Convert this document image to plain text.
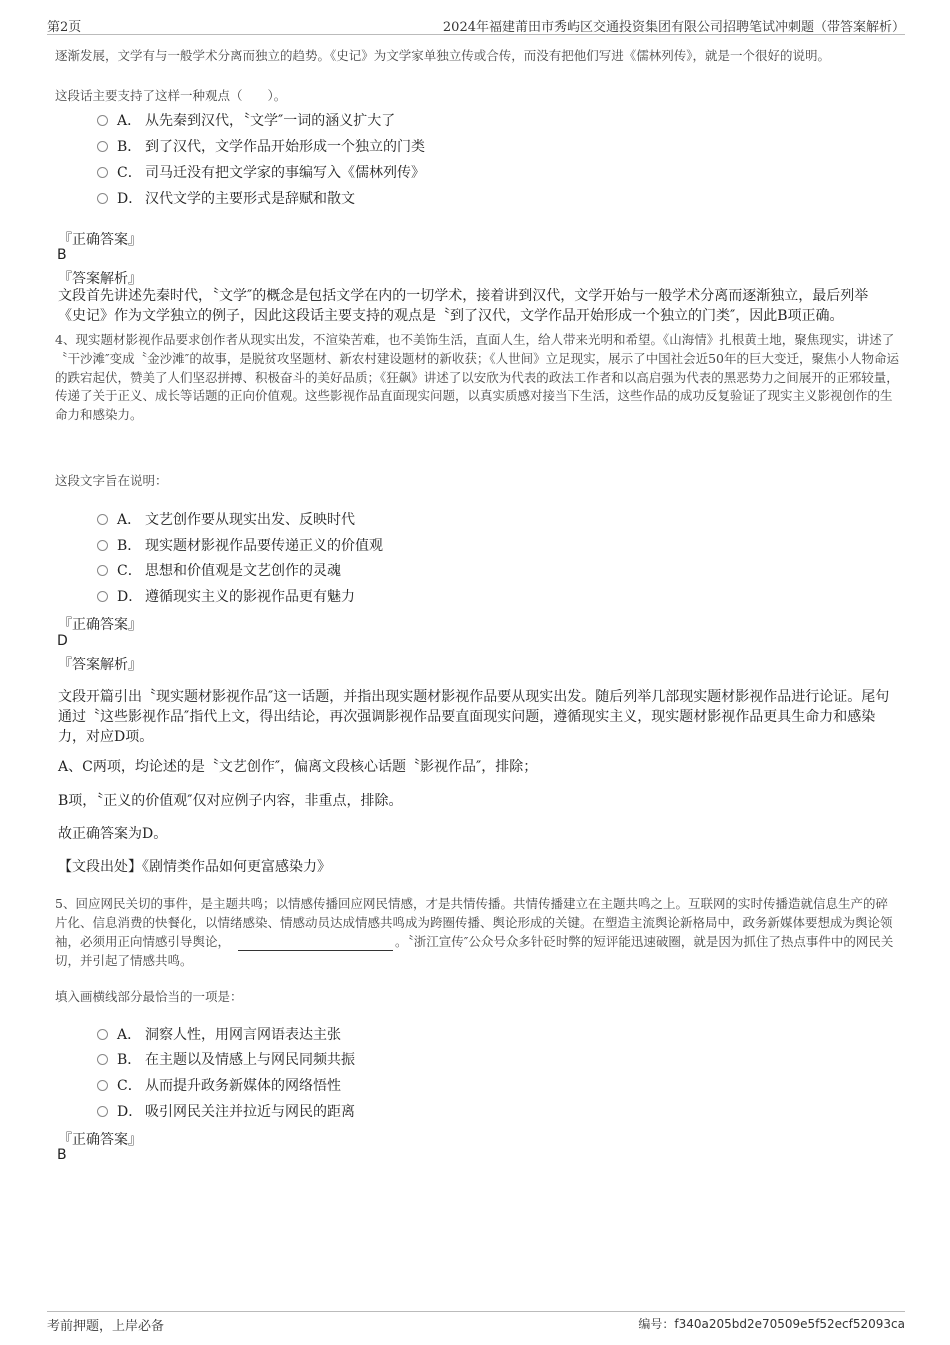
第2页	2024年福建莆田市秀屿区交通投资集团有限公司招聘笔试冲刺题（带答案解析）
逐渐发展，文学有与一般学术分离而独立的趋势。《史记》为文学家单独立传或合传，而没有把他们写进《儒林列传》，就是一个很好的说明。
这段话主要支持了这样一种观点（　　）。
A． 从先秦到汉代，〝文学″一词的涵义扩大了
B． 到了汉代，文学作品开始形成一个独立的门类
C． 司马迁没有把文学家的事编写入《儒林列传》
D． 汉代文学的主要形式是辞赋和散文
『正确答案』
B
『答案解析』
文段首先讲述先秦时代，〝文学″的概念是包括文学在内的一切学术，接着讲到汉代，文学开始与一般学术分离而逐渐独立，最后列举《史记》作为文学独立的例子，因此这段话主要支持的观点是〝到了汉代，文学作品开始形成一个独立的门类″，因此B项正确。
4、现实题材影视作品要求创作者从现实出发，不渲染苦难，也不美饰生活，直面人生，给人带来光明和希望。《山海情》扎根黄土地，聚焦现实，讲述了〝干沙滩″变成〝金沙滩″的故事，是脱贫攻坚题材、新农村建设题材的新收获；《人世间》立足现实，展示了中国社会近50年的巨大变迁，聚焦小人物命运的跌宕起伏，赞美了人们坚忍拼搏、积极奋斗的美好品质；《狂飙》讲述了以安欣为代表的政法工作者和以高启强为代表的黑恶势力之间展开的正邪较量，传递了关于正义、成长等话题的正向价值观。这些影视作品直面现实问题，以真实质感对接当下生活，这些作品的成功反复验证了现实主义影视创作的生命力和感染力。
这段文字旨在说明：
A． 文艺创作要从现实出发、反映时代
B． 现实题材影视作品要传递正义的价值观
C． 思想和价值观是文艺创作的灵魂
D． 遵循现实主义的影视作品更有魅力
『正确答案』
D
『答案解析』
文段开篇引出〝现实题材影视作品″这一话题，并指出现实题材影视作品要从现实出发。随后列举几部现实题材影视作品进行论证。尾句通过〝这些影视作品″指代上文，得出结论，再次强调影视作品要直面现实问题，遵循现实主义，现实题材影视作品更具生命力和感染力，对应D项。
A、C两项，均论述的是〝文艺创作″，偏离文段核心话题〝影视作品″，排除；
B项，〝正义的价值观″仅对应例子内容，非重点，排除。
故正确答案为D。
【文段出处】《剧情类作品如何更富感染力》
5、回应网民关切的事件，是主题共鸣；以情感传播回应网民情感，才是共情传播。共情传播建立在主题共鸣之上。互联网的实时传播造就信息生产的碎片化、信息消费的快餐化，以情绪感染、情感动员达成情感共鸣成为跨圈传播、舆论形成的关键。在塑造主流舆论新格局中，政务新媒体要想成为舆论领袖，必须用正向情感引导舆论，	。〝浙江宣传″公众号众多针砭时弊的短评能迅速破圈，就是因为抓住了热点事件中的网民关切，并引起了情感共鸣。
填入画横线部分最恰当的一项是：
A． 洞察人性，用网言网语表达主张
B． 在主题以及情感上与网民同频共振
C． 从而提升政务新媒体的网络悟性
D． 吸引网民关注并拉近与网民的距离
『正确答案』
B
考前押题，上岸必备	编号：f340a205bd2e70509e5f52ecf52093ca
